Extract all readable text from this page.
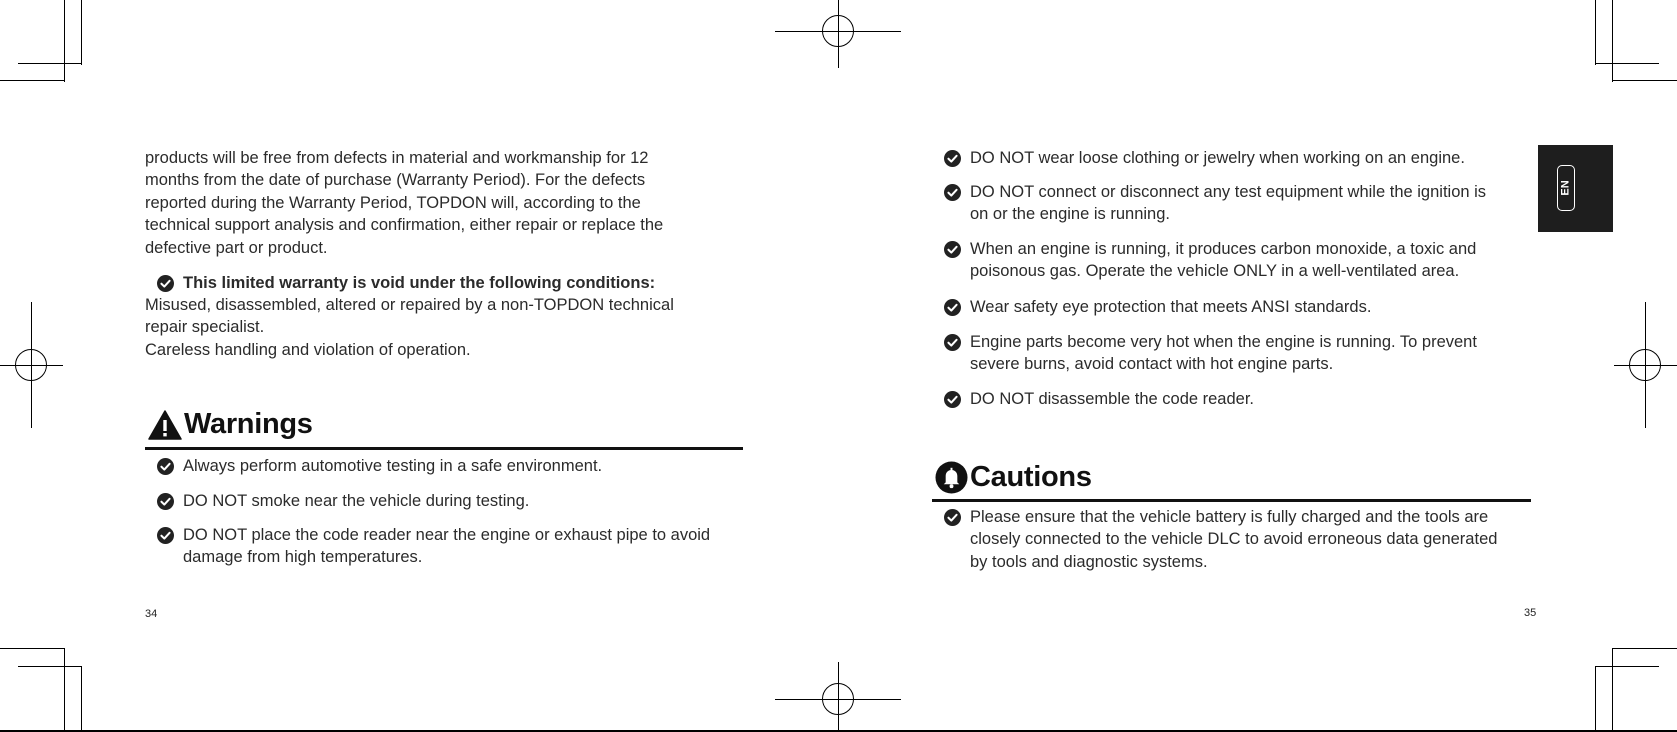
products will be free from defects in material and workmanship for 12

months from the date of purchase (Warranty Period). For the defects

reported during the Warranty Period, TOPDON will, according to the

technical support analysis and confirmation, either repair or replace the

defective part or product.

This limited warranty is void under the following conditions:

Misused, disassembled, altered or repaired by a non-TOPDON technical

repair specialist.

Careless handling and violation of operation.

Warnings
Always perform automotive testing in a safe environment.
DO NOT smoke near the vehicle during testing.
DO NOT place the code reader near the engine or exhaust pipe to avoid damage from high temperatures.
34
DO NOT wear loose clothing or jewelry when working on an engine.
DO NOT connect or disconnect any test equipment while the ignition is on or the engine is running.
When an engine is running, it produces carbon monoxide, a toxic and poisonous gas. Operate the vehicle ONLY in a well-ventilated area.
Wear safety eye protection that meets ANSI standards.
Engine parts become very hot when the engine is running. To prevent severe burns, avoid contact with hot engine parts.
DO NOT disassemble the code reader.
Cautions
Please ensure that the vehicle battery is fully charged and the tools are closely connected to the vehicle DLC to avoid erroneous data generated by tools and diagnostic systems.
35
EN
